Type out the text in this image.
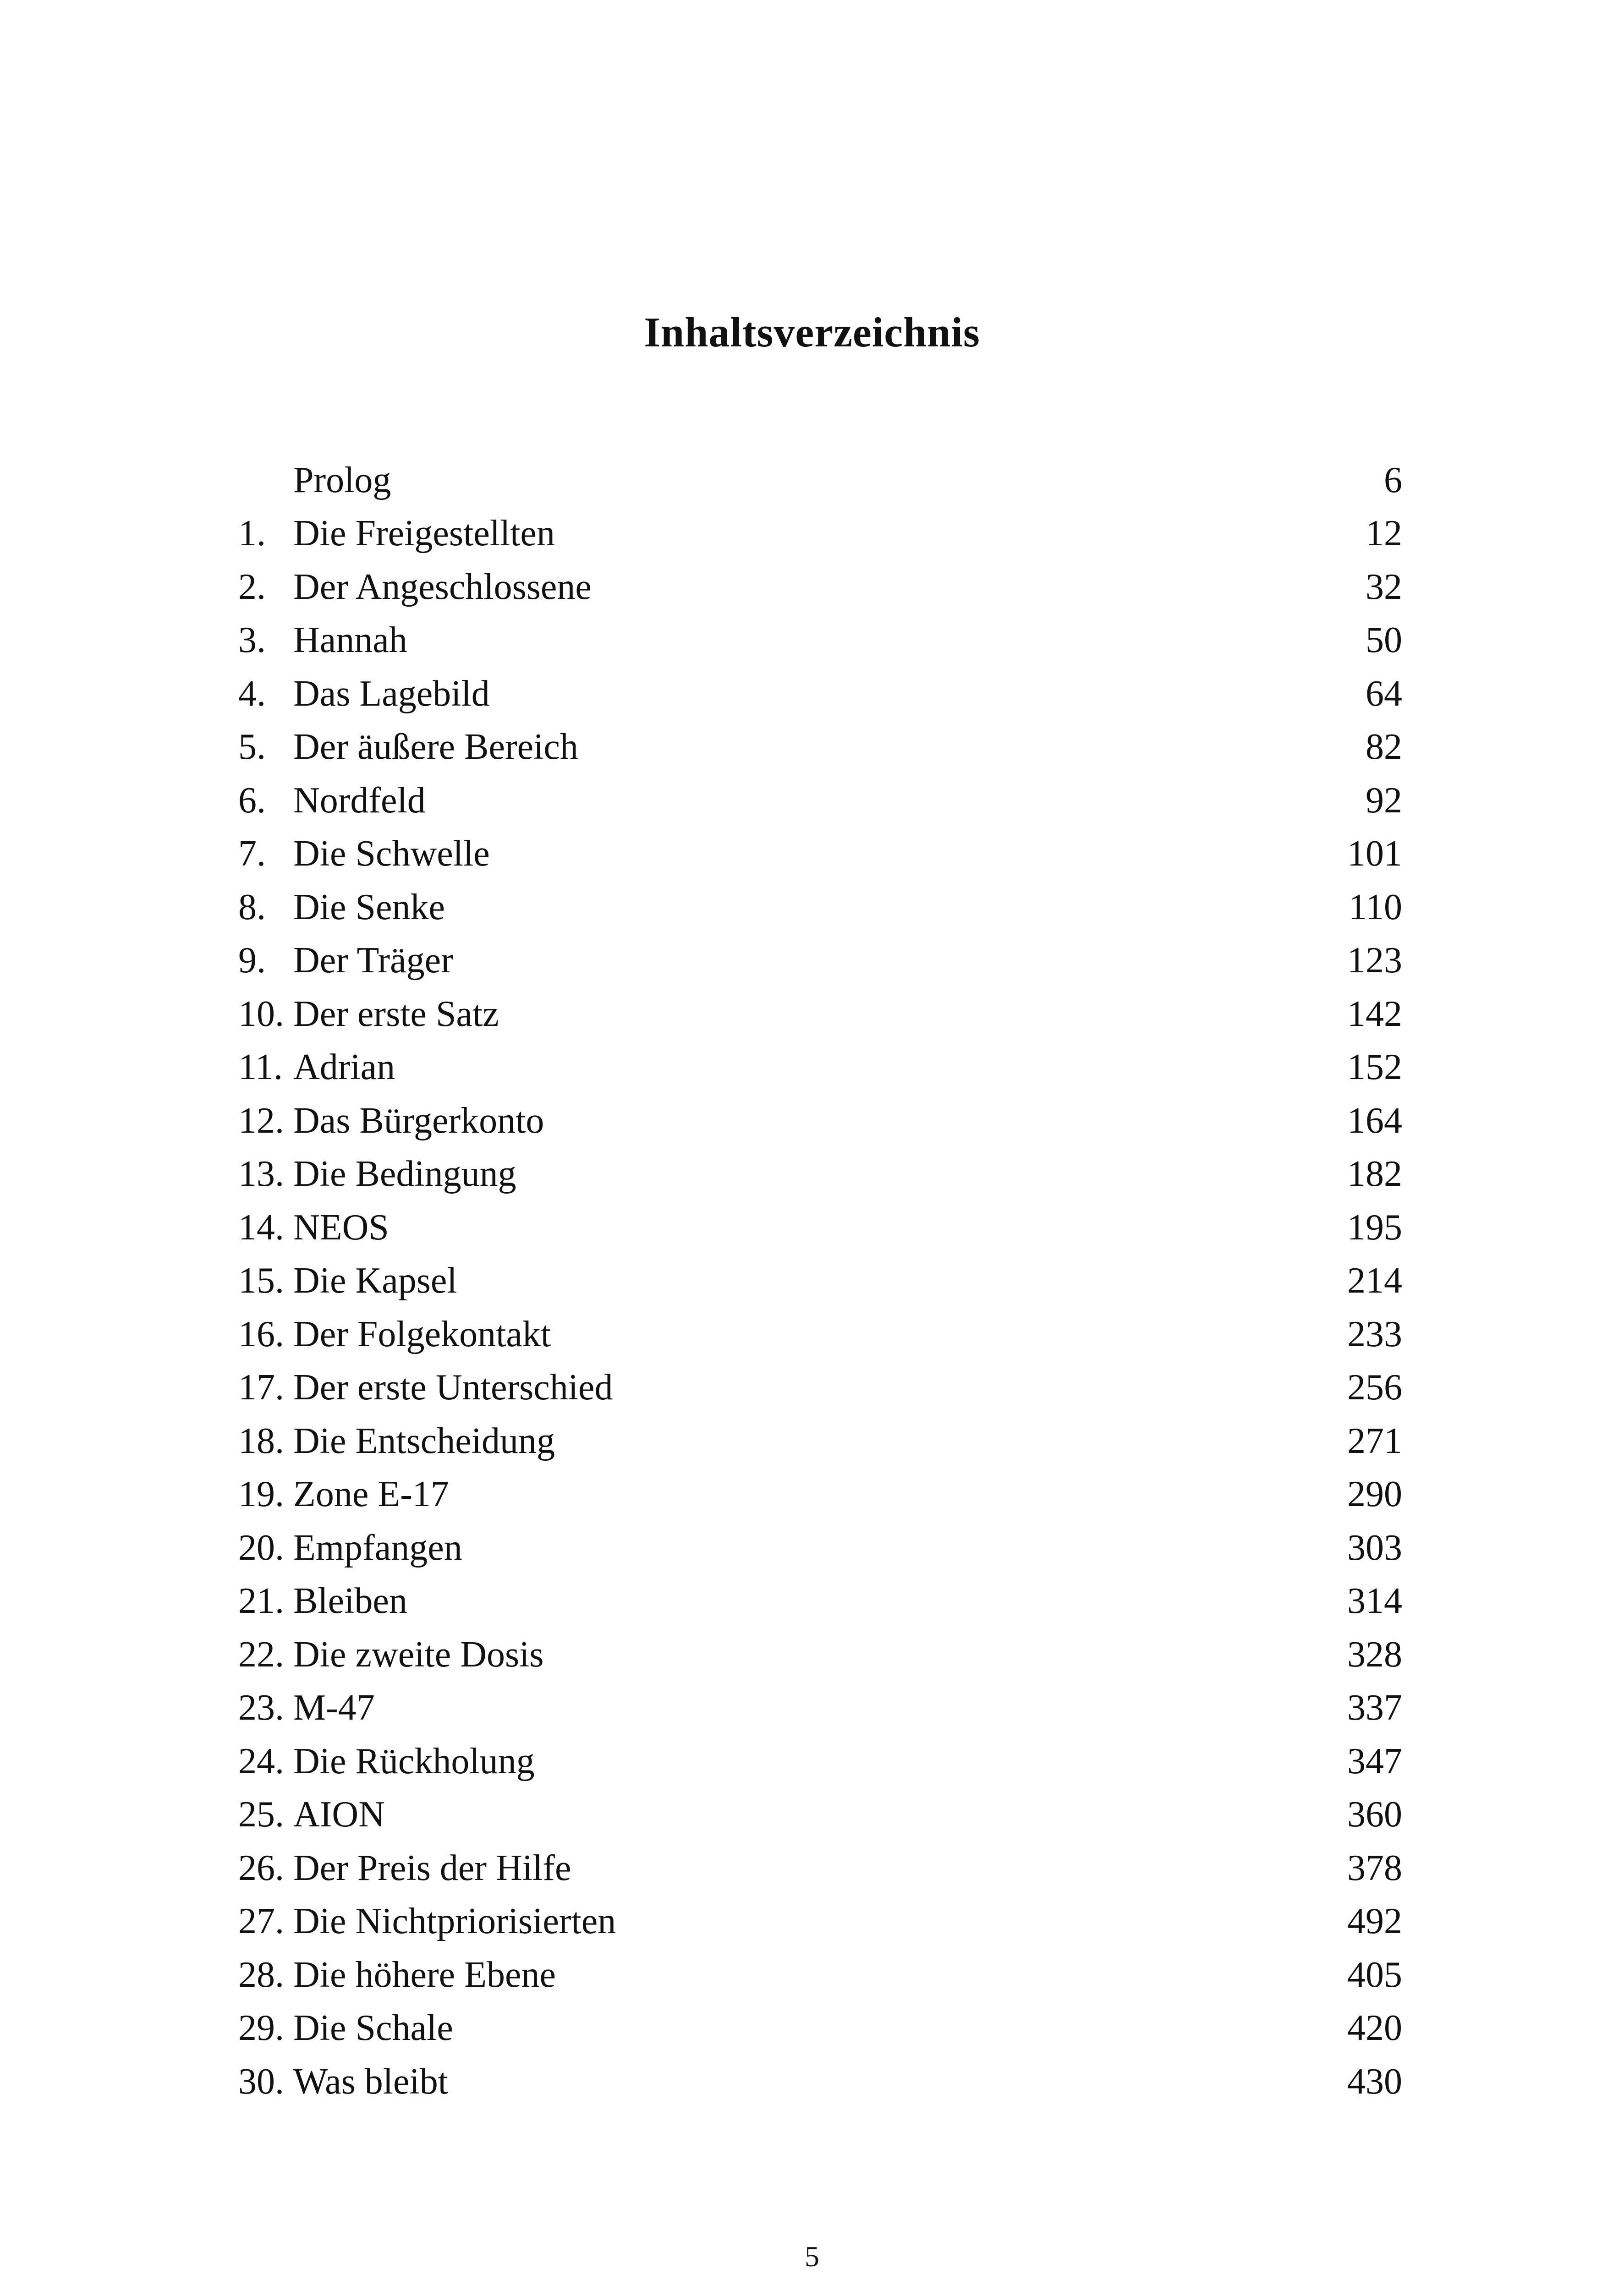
Inhaltsverzeichnis
Prolog	6
1. Die Freigestellten	12
2. Der Angeschlossene	32
3. Hannah	50
4. Das Lagebild	64
5. Der äußere Bereich	82
6. Nordfeld	92
7. Die Schwelle	101
8. Die Senke	110
9. Der Träger	123
10. Der erste Satz	142
11. Adrian	152
12. Das Bürgerkonto	164
13. Die Bedingung	182
14. NEOS	195
15. Die Kapsel	214
16. Der Folgekontakt	233
17. Der erste Unterschied	256
18. Die Entscheidung	271
19. Zone E-17	290
20. Empfangen	303
21. Bleiben	314
22. Die zweite Dosis	328
23. M-47	337
24. Die Rückholung	347
25. AION	360
26. Der Preis der Hilfe	378
27. Die Nichtpriorisierten	492
28. Die höhere Ebene	405
29. Die Schale	420
30. Was bleibt	430
5
